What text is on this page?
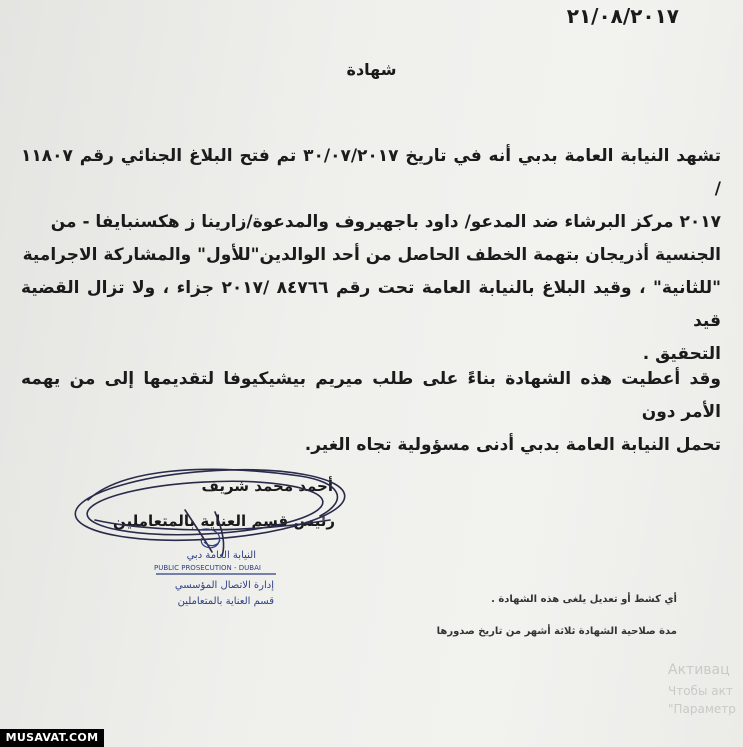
٢١/٠٨/٢٠١٧
شهادة

تشهد النيابة العامة بدبي أنه في تاريخ ٣٠/٠٧/٢٠١٧ تم فتح البلاغ الجنائي رقم ١١٨٠٧ /

٢٠١٧ مركز البرشاء ضد المدعو/ داود باجهيروف والمدعوة/زارينا ز هكسنبايفا - من

الجنسية أذريجان بتهمة الخطف الحاصل من أحد الوالدين"للأول" والمشاركة الاجرامية

"للثانية" ، وقيد البلاغ بالنيابة العامة تحت رقم ٨٤٧٦٦ /٢٠١٧ جزاء ، ولا تزال القضية قيد

التحقيق .

وقد أعطيت هذه الشهادة بناءً على طلب ميريم بيشيكيوفا لتقديمها إلى من يهمه الأمر دون

تحمل النيابة العامة بدبي أدنى مسؤولية تجاه الغير.

أحمد محمد شريف
رئيس قسم العناية بالمتعاملين
النيابة العامة دبي
PUBLIC PROSECUTION - DUBAI
إدارة الاتصال المؤسسي
قسم العناية بالمتعاملين	أي كشط أو تعديل يلغى هذه الشهادة .
مدة صلاحية الشهادة ثلاثة أشهر من تاريخ صدورها
Активац
Чтобы акт
"Параметр
MUSAVAT.COM
